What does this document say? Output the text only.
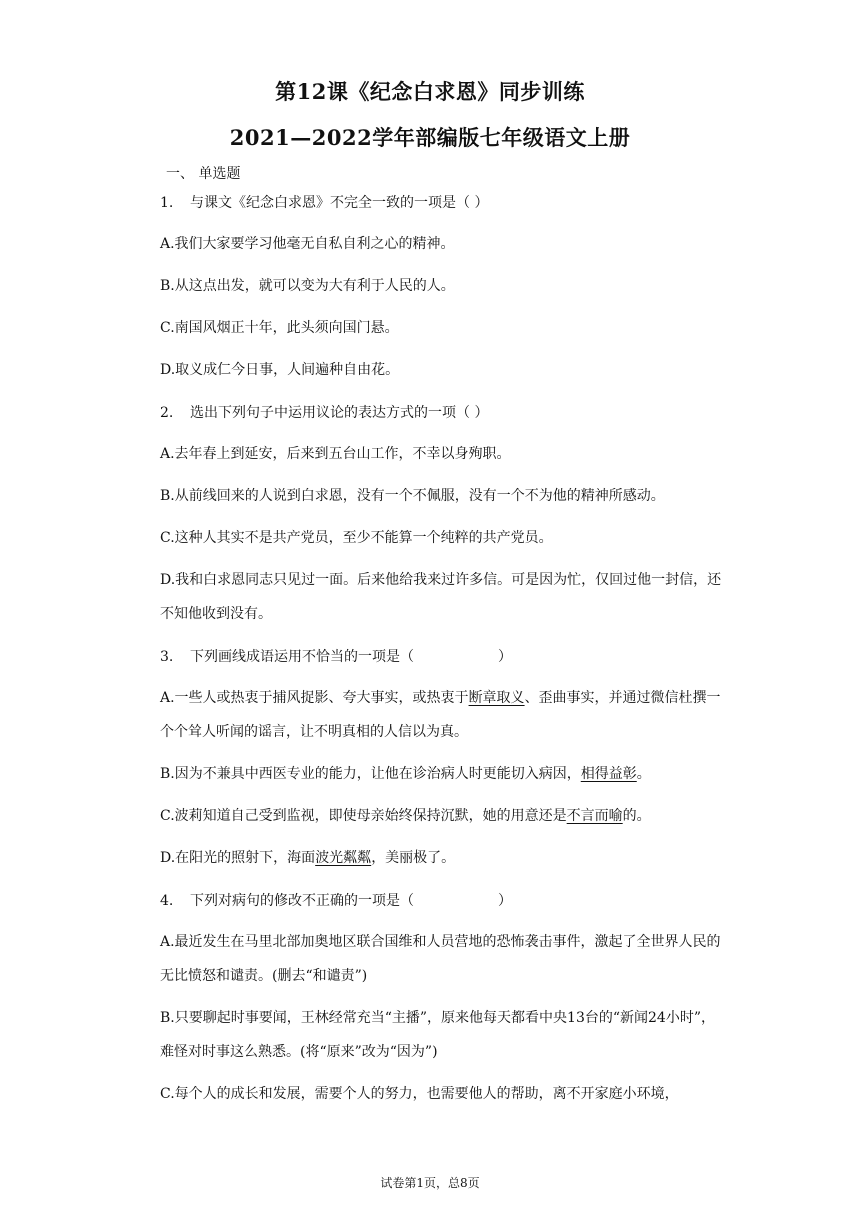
第12课《纪念白求恩》同步训练
2021—2022学年部编版七年级语文上册
一、 单选题
1. 与课文《纪念白求恩》不完全一致的一项是（ ）
A.我们大家要学习他毫无自私自利之心的精神。
B.从这点出发，就可以变为大有利于人民的人。
C.南国风烟正十年，此头须向国门悬。
D.取义成仁今日事，人间遍种自由花。
2. 选出下列句子中运用议论的表达方式的一项（ ）
A.去年春上到延安，后来到五台山工作，不幸以身殉职。
B.从前线回来的人说到白求恩，没有一个不佩服，没有一个不为他的精神所感动。
C.这种人其实不是共产党员，至少不能算一个纯粹的共产党员。
D.我和白求恩同志只见过一面。后来他给我来过许多信。可是因为忙，仅回过他一封信，还不知他收到没有。
3. 下列画线成语运用不恰当的一项是（　　　　　　）
A.一些人或热衷于捕风捉影、夸大事实，或热衷于断章取义、歪曲事实，并通过微信杜撰一个个耸人听闻的谣言，让不明真相的人信以为真。
B.因为不兼具中西医专业的能力，让他在诊治病人时更能切入病因，相得益彰。
C.波莉知道自己受到监视，即使母亲始终保持沉默，她的用意还是不言而喻的。
D.在阳光的照射下，海面波光粼粼，美丽极了。
4. 下列对病句的修改不正确的一项是（　　　　　　）
A.最近发生在马里北部加奥地区联合国维和人员营地的恐怖袭击事件，激起了全世界人民的无比愤怒和谴责。(删去“和谴责”)
B.只要聊起时事要闻，王林经常充当“主播”，原来他每天都看中央13台的“新闻24小时”，难怪对时事这么熟悉。(将“原来”改为“因为”)
C.每个人的成长和发展，需要个人的努力，也需要他人的帮助，离不开家庭小环境，
试卷第1页，总8页
